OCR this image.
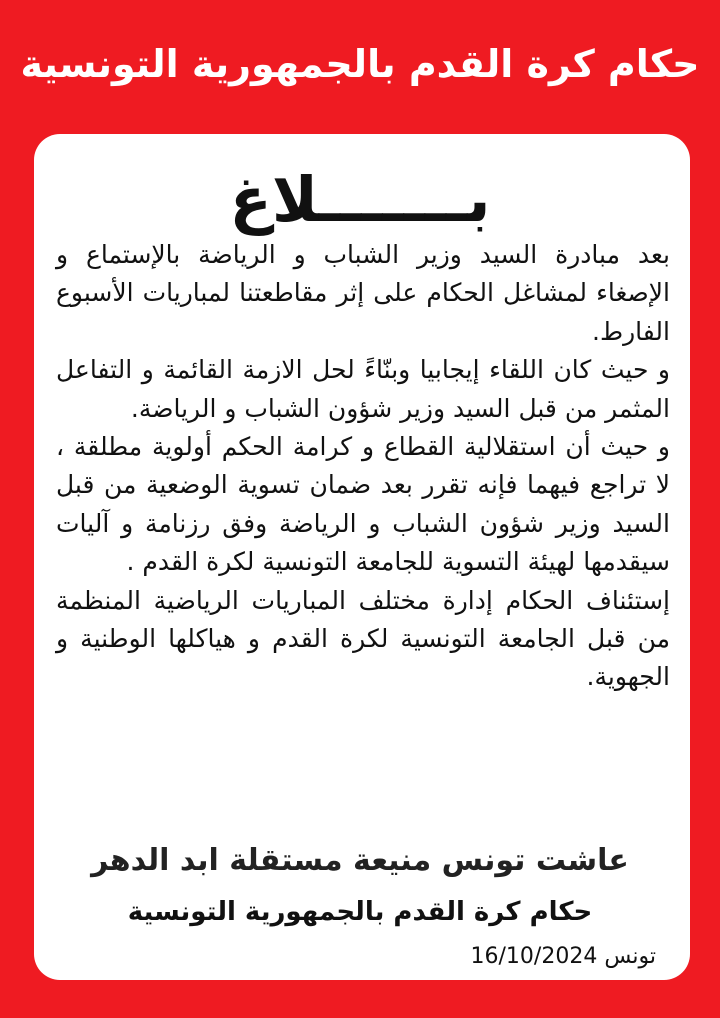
حكام كرة القدم بالجمهورية التونسية
بـــــــلاغ

بعد مبادرة السيد وزير الشباب و الرياضة بالإستماع و الإصغاء لمشاغل الحكام على إثر مقاطعتنا لمباريات الأسبوع الفارط.

و حيث كان اللقاء إيجابيا وبنّاءً لحل الازمة القائمة و التفاعل المثمر من قبل السيد وزير شؤون الشباب و الرياضة.

و حيث أن استقلالية القطاع و كرامة الحكم أولوية مطلقة ، لا تراجع فيهما فإنه تقرر بعد ضمان تسوية الوضعية من قبل السيد وزير شؤون الشباب و الرياضة وفق رزنامة و آليات سيقدمها لهيئة التسوية للجامعة التونسية لكرة القدم .

إستئناف الحكام إدارة مختلف المباريات الرياضية المنظمة من قبل الجامعة التونسية لكرة القدم و هياكلها الوطنية و الجهوية.

عاشت تونس منيعة مستقلة ابد الدهر
حكام كرة القدم بالجمهورية التونسية
تونس 16/10/2024
